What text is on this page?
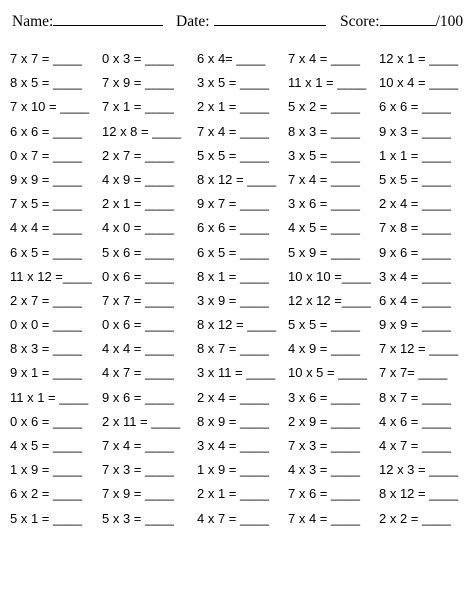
Name:	Date:	Score:	/100
7 x 7 = ____ 0 x 3 = ____ 6 x 4= ____ 7 x 4 = ____ 12 x 1 = ____
8 x 5 = ____ 7 x 9 = ____ 3 x 5 = ____ 11 x 1 = ____ 10 x 4 = ____
7 x 10 = ____ 7 x 1 = ____ 2 x 1 = ____ 5 x 2 = ____ 6 x 6 = ____
6 x 6 = ____ 12 x 8 = ____ 7 x 4 = ____ 8 x 3 = ____ 9 x 3 = ____
0 x 7 = ____ 2 x 7 = ____ 5 x 5 = ____ 3 x 5 = ____ 1 x 1 = ____
9 x 9 = ____ 4 x 9 = ____ 8 x 12 = ____ 7 x 4 = ____ 5 x 5 = ____
7 x 5 = ____ 2 x 1 = ____ 9 x 7 = ____ 3 x 6 = ____ 2 x 4 = ____
4 x 4 = ____ 4 x 0 = ____ 6 x 6 = ____ 4 x 5 = ____ 7 x 8 = ____
6 x 5 = ____ 5 x 6 = ____ 6 x 5 = ____ 5 x 9 = ____ 9 x 6 = ____
11 x 12 =____ 0 x 6 = ____ 8 x 1 = ____ 10 x 10 =____ 3 x 4 = ____
2 x 7 = ____ 7 x 7 = ____ 3 x 9 = ____ 12 x 12 =____ 6 x 4 = ____
0 x 0 = ____ 0 x 6 = ____ 8 x 12 = ____ 5 x 5 = ____ 9 x 9 = ____
8 x 3 = ____ 4 x 4 = ____ 8 x 7 = ____ 4 x 9 = ____ 7 x 12 = ____
9 x 1 = ____ 4 x 7 = ____ 3 x 11 = ____ 10 x 5 = ____ 7 x 7= ____
11 x 1 = ____ 9 x 6 = ____ 2 x 4 = ____ 3 x 6 = ____ 8 x 7 = ____
0 x 6 = ____ 2 x 11 = ____ 8 x 9 = ____ 2 x 9 = ____ 4 x 6 = ____
4 x 5 = ____ 7 x 4 = ____ 3 x 4 = ____ 7 x 3 = ____ 4 x 7 = ____
1 x 9 = ____ 7 x 3 = ____ 1 x 9 = ____ 4 x 3 = ____ 12 x 3 = ____
6 x 2 = ____ 7 x 9 = ____ 2 x 1 = ____ 7 x 6 = ____ 8 x 12 = ____
5 x 1 = ____ 5 x 3 = ____ 4 x 7 = ____ 7 x 4 = ____ 2 x 2 = ____
